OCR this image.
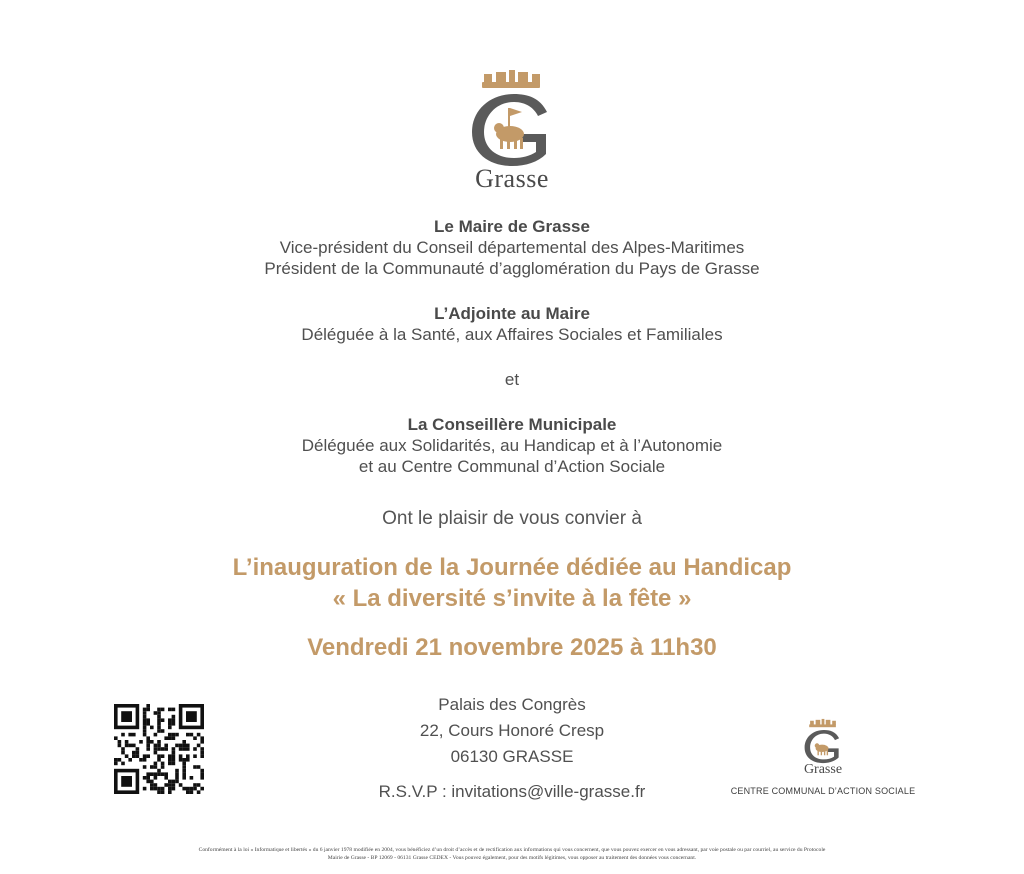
Grasse
Le Maire de Grasse
Vice-président du Conseil départemental des Alpes-Maritimes
Président de la Communauté d’agglomération du Pays de Grasse
L’Adjointe au Maire
Déléguée à la Santé, aux Affaires Sociales et Familiales
et
La Conseillère Municipale
Déléguée aux Solidarités, au Handicap et à l’Autonomie
et au Centre Communal d’Action Sociale
Ont le plaisir de vous convier à
L’inauguration de la Journée dédiée au Handicap
« La diversité s’invite à la fête »
Vendredi 21 novembre 2025 à 11h30
Palais des Congrès
22, Cours Honoré Cresp
06130 GRASSE
R.S.V.P : invitations@ville-grasse.fr
Grasse
CENTRE COMMUNAL D’ACTION SOCIALE
Conformément à la loi « Informatique et libertés » du 6 janvier 1978 modifiée en 2004, vous bénéficiez d’un droit d’accès et de rectification aux informations qui vous concernent, que vous pouvez exercer en vous adressant, par voie postale ou par courriel, au service du Protocole
Mairie de Grasse - BP 12069 - 06131 Grasse CEDEX - Vous pouvez également, pour des motifs légitimes, vous opposer au traitement des données vous concernant.
